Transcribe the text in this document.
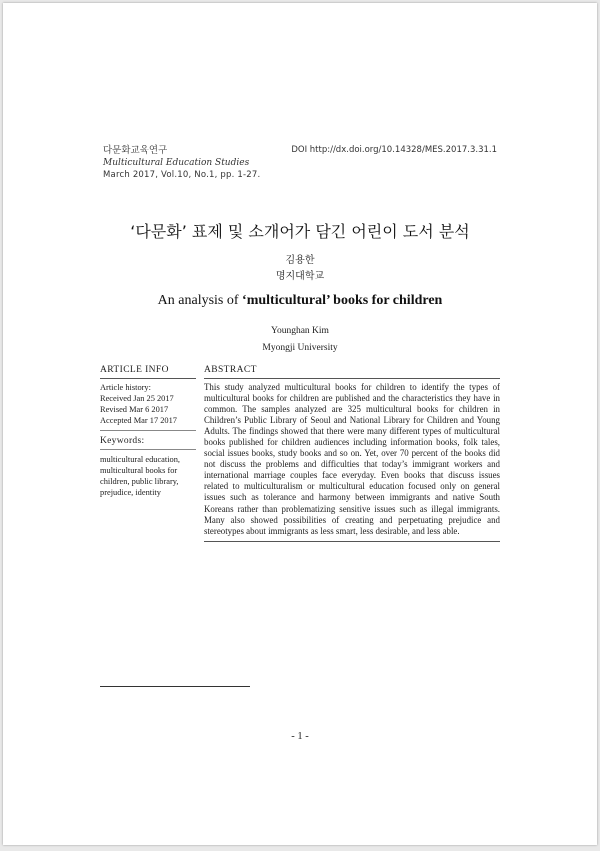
다문화교육연구
Multicultural Education Studies
March 2017, Vol.10, No.1, pp. 1-27.
DOI http://dx.doi.org/10.14328/MES.2017.3.31.1
‘다문화’ 표제 및 소개어가 담긴 어린이 도서 분석
김용한
명지대학교
An analysis of ‘multicultural’ books for children
Younghan Kim
Myongji University
ARTICLE INFO
Article history:
Received Jan 25 2017
Revised Mar 6 2017
Accepted Mar 17 2017
Keywords:
multicultural education, multicultural books for children, public library, prejudice, identity
ABSTRACT
This study analyzed multicultural books for children to identify the types of multicultural books for children are published and the characteristics they have in common. The samples analyzed are 325 multicultural books for children in Children’s Public Library of Seoul and National Library for Children and Young Adults. The findings showed that there were many different types of multicultural books published for children audiences including information books, folk tales, social issues books, study books and so on. Yet, over 70 percent of the books did not discuss the problems and difficulties that today’s immigrant workers and international marriage couples face everyday. Even books that discuss issues related to multiculturalism or multicultural education focused only on general issues such as tolerance and harmony between immigrants and native South Koreans rather than problematizing sensitive issues such as illegal immigrants. Many also showed possibilities of creating and perpetuating prejudice and stereotypes about immigrants as less smart, less desirable, and less able.
- 1 -
